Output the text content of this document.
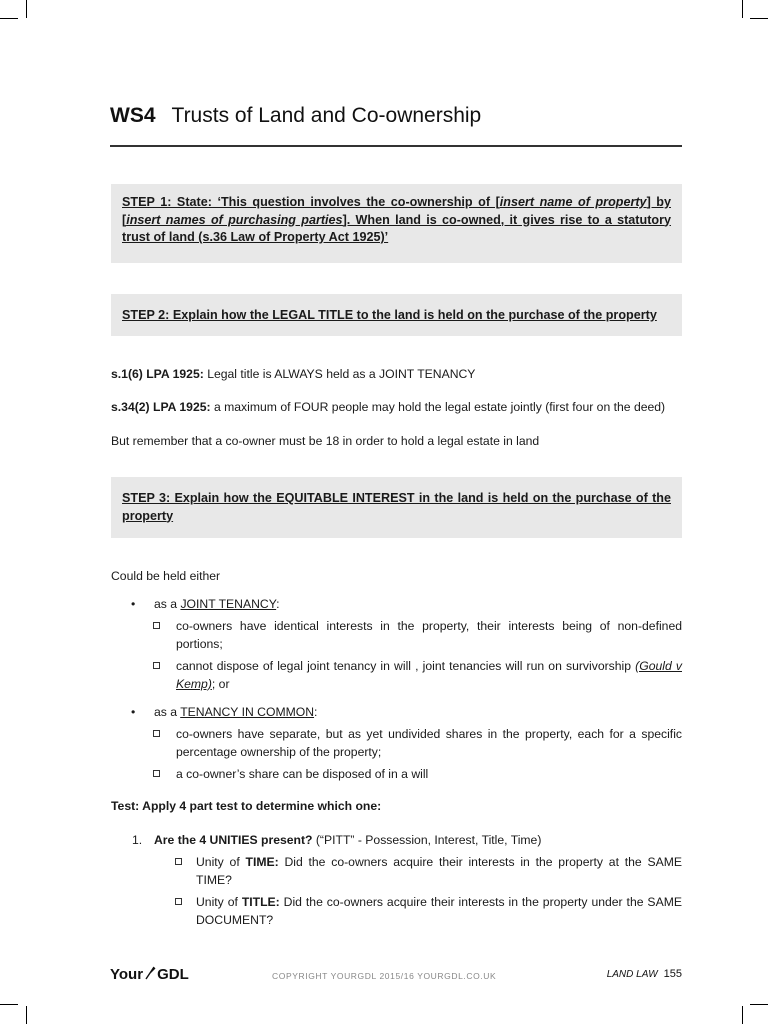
WS4 Trusts of Land and Co-ownership
STEP 1: State: ‘This question involves the co-ownership of [insert name of property] by [insert names of purchasing parties]. When land is co-owned, it gives rise to a statutory trust of land (s.36 Law of Property Act 1925)’
STEP 2: Explain how the LEGAL TITLE to the land is held on the purchase of the property
s.1(6) LPA 1925: Legal title is ALWAYS held as a JOINT TENANCY
s.34(2) LPA 1925: a maximum of FOUR people may hold the legal estate jointly (first four on the deed)
But remember that a co-owner must be 18 in order to hold a legal estate in land
STEP 3: Explain how the EQUITABLE INTEREST in the land is held on the purchase of the property
Could be held either
• as a JOINT TENANCY:
co-owners have identical interests in the property, their interests being of non-defined portions;
cannot dispose of legal joint tenancy in will , joint tenancies will run on survivorship (Gould v Kemp); or
• as a TENANCY IN COMMON:
co-owners have separate, but as yet undivided shares in the property, each for a specific percentage ownership of the property;
a co-owner’s share can be disposed of in a will
Test: Apply 4 part test to determine which one:
1. Are the 4 UNITIES present? (“PITT” - Possession, Interest, Title, Time)
Unity of TIME: Did the co-owners acquire their interests in the property at the SAME TIME?
Unity of TITLE: Did the co-owners acquire their interests in the property under the SAME DOCUMENT?
Your GDL	COPYRIGHT YOURGDL 2015/16 YOURGDL.CO.UK	LAND LAW 155
